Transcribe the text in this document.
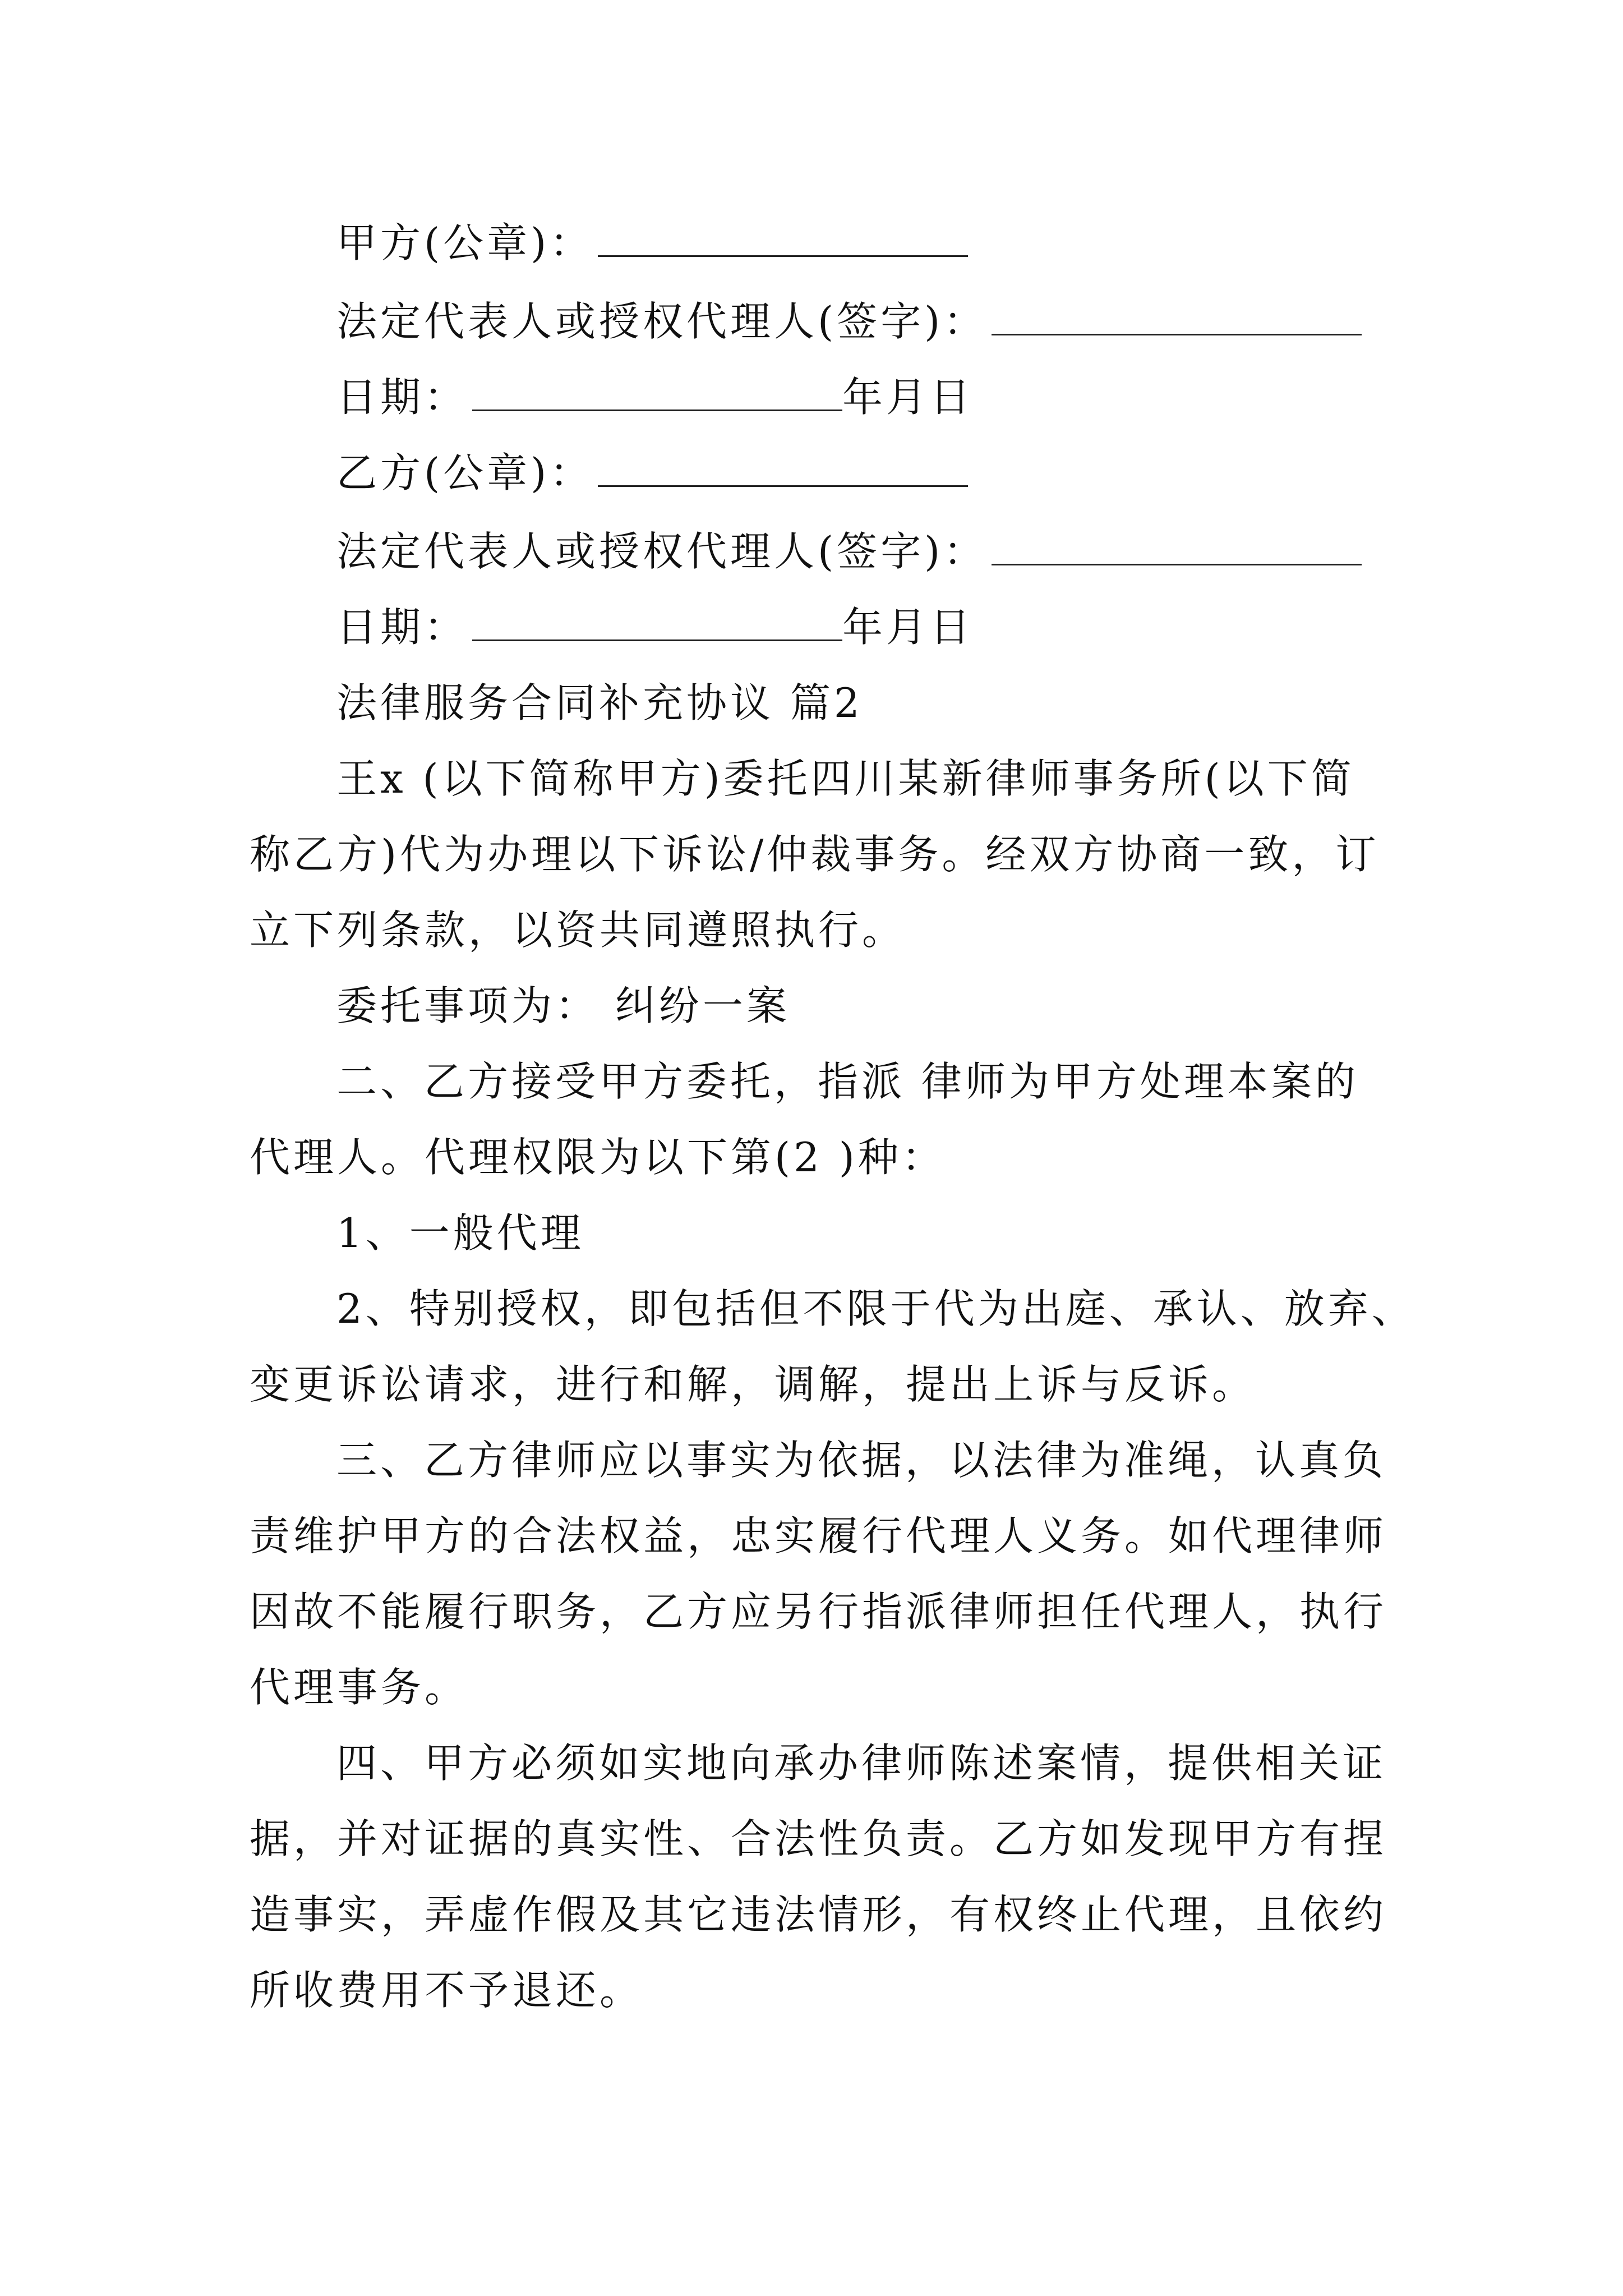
甲方(公章)：
法定代表人或授权代理人(签字)：
日期：	年月日
乙方(公章)：
法定代表人或授权代理人(签字)：
日期：	年月日
法律服务合同补充协议 篇2
王x (以下简称甲方)委托四川某新律师事务所(以下简
称乙方)代为办理以下诉讼/仲裁事务。经双方协商一致，订
立下列条款，以资共同遵照执行。
委托事项为： 纠纷一案
二、乙方接受甲方委托，指派 律师为甲方处理本案的
代理人。代理权限为以下第(2 )种：
1、一般代理
2、特别授权，即包括但不限于代为出庭、承认、放弃、
变更诉讼请求，进行和解，调解，提出上诉与反诉。
三、乙方律师应以事实为依据，以法律为准绳，认真负
责维护甲方的合法权益，忠实履行代理人义务。如代理律师
因故不能履行职务，乙方应另行指派律师担任代理人，执行
代理事务。
四、甲方必须如实地向承办律师陈述案情，提供相关证
据，并对证据的真实性、合法性负责。乙方如发现甲方有捏
造事实，弄虚作假及其它违法情形，有权终止代理，且依约
所收费用不予退还。
